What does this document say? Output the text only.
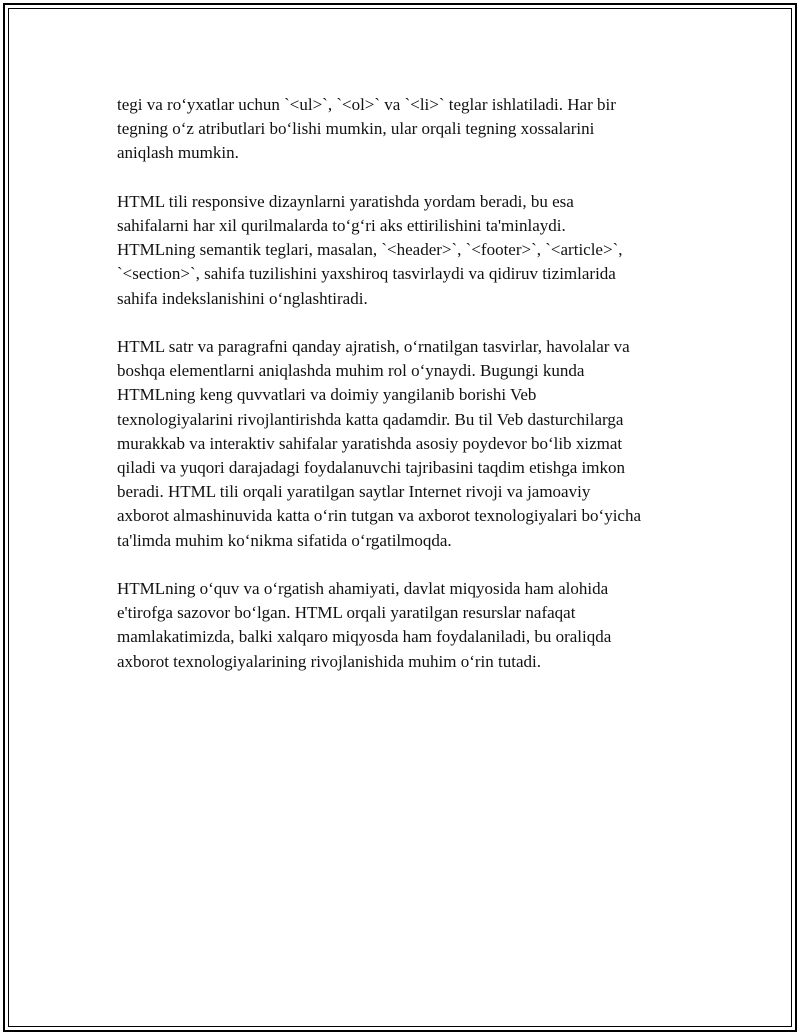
tegi va ro‘yxatlar uchun `<ul>`, `<ol>` va `<li>` teglar ishlatiladi. Har bir
tegning o‘z atributlari bo‘lishi mumkin, ular orqali tegning xossalarini
aniqlash mumkin.

HTML tili responsive dizaynlarni yaratishda yordam beradi, bu esa
sahifalarni har xil qurilmalarda to‘g‘ri aks ettirilishini ta'minlaydi.
HTMLning semantik teglari, masalan, `<header>`, `<footer>`, `<article>`,
`<section>`, sahifa tuzilishini yaxshiroq tasvirlaydi va qidiruv tizimlarida
sahifa indekslanishini o‘nglashtiradi.

HTML satr va paragrafni qanday ajratish, o‘rnatilgan tasvirlar, havolalar va
boshqa elementlarni aniqlashda muhim rol o‘ynaydi. Bugungi kunda
HTMLning keng quvvatlari va doimiy yangilanib borishi Veb
texnologiyalarini rivojlantirishda katta qadamdir. Bu til Veb dasturchilarga
murakkab va interaktiv sahifalar yaratishda asosiy poydevor bo‘lib xizmat
qiladi va yuqori darajadagi foydalanuvchi tajribasini taqdim etishga imkon
beradi. HTML tili orqali yaratilgan saytlar Internet rivoji va jamoaviy
axborot almashinuvida katta o‘rin tutgan va axborot texnologiyalari bo‘yicha
ta'limda muhim ko‘nikma sifatida o‘rgatilmoqda.

HTMLning o‘quv va o‘rgatish ahamiyati, davlat miqyosida ham alohida
e'tirofga sazovor bo‘lgan. HTML orqali yaratilgan resurslar nafaqat
mamlakatimizda, balki xalqaro miqyosda ham foydalaniladi, bu oraliqda
axborot texnologiyalarining rivojlanishida muhim o‘rin tutadi.
